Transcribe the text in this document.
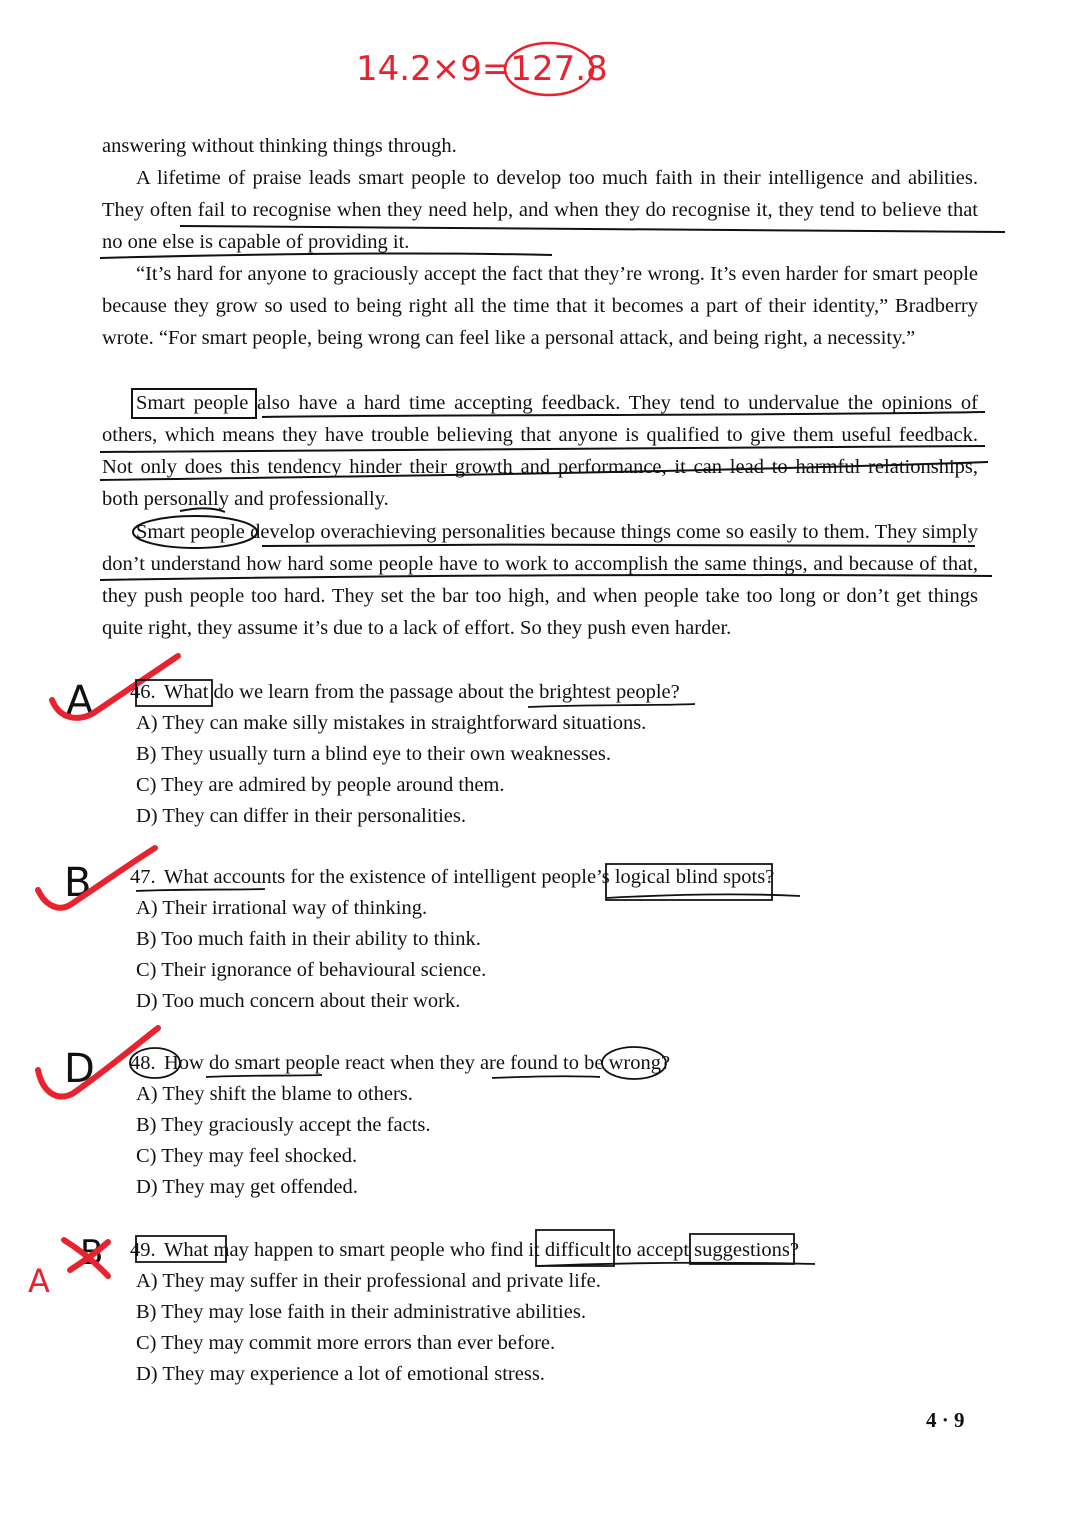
answering without thinking things through.

A lifetime of praise leads smart people to develop too much faith in their intelligence and abilities. They often fail to recognise when they need help, and when they do recognise it, they tend to believe that no one else is capable of providing it.

“It’s hard for anyone to graciously accept the fact that they’re wrong. It’s even harder for smart people because they grow so used to being right all the time that it becomes a part of their identity,” Bradberry wrote. “For smart people, being wrong can feel like a personal attack, and being right, a necessity.”

Smart people also have a hard time accepting feedback. They tend to undervalue the opinions of others, which means they have trouble believing that anyone is qualified to give them useful feedback. Not only does this tendency hinder their growth and performance, it can lead to harmful relationships, both personally and professionally.

Smart people develop overachieving personalities because things come so easily to them. They simply don’t understand how hard some people have to work to accomplish the same things, and because of that, they push people too hard. They set the bar too high, and when people take too long or don’t get things quite right, they assume it’s due to a lack of effort. So they push even harder.

46. What do we learn from the passage about the brightest people?
A) They can make silly mistakes in straightforward situations.
B) They usually turn a blind eye to their own weaknesses.
C) They are admired by people around them.
D) They can differ in their personalities.
47. What accounts for the existence of intelligent people’s logical blind spots?
A) Their irrational way of thinking.
B) Too much faith in their ability to think.
C) Their ignorance of behavioural science.
D) Too much concern about their work.
48. How do smart people react when they are found to be wrong?
A) They shift the blame to others.
B) They graciously accept the facts.
C) They may feel shocked.
D) They may get offended.
49. What may happen to smart people who find it difficult to accept suggestions?
A) They may suffer in their professional and private life.
B) They may lose faith in their administrative abilities.
C) They may commit more errors than ever before.
D) They may experience a lot of emotional stress.
4 · 9
14.2×9=127.8
A
B
D
B
A
